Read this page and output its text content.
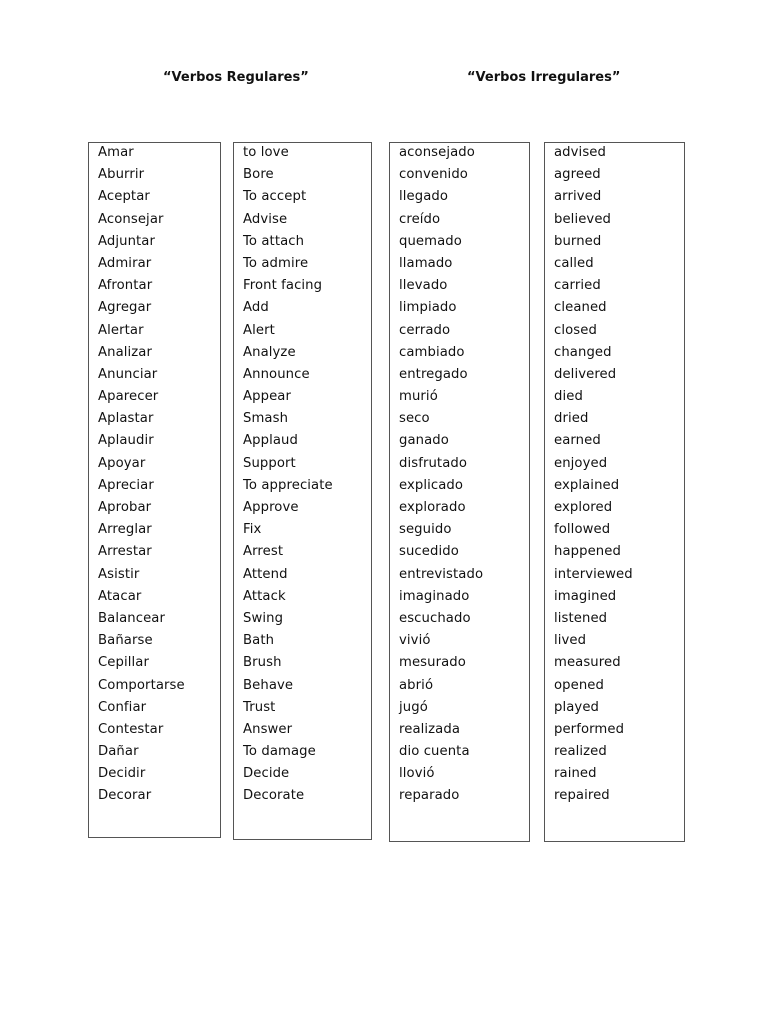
“Verbos Regulares”	“Verbos Irregulares”
Amar
Aburrir
Aceptar
Aconsejar
Adjuntar
Admirar
Afrontar
Agregar
Alertar
Analizar
Anunciar
Aparecer
Aplastar
Aplaudir
Apoyar
Apreciar
Aprobar
Arreglar
Arrestar
Asistir
Atacar
Balancear
Bañarse
Cepillar
Comportarse
Confiar
Contestar
Dañar
Decidir
Decorar
to love
Bore
To accept
Advise
To attach
To admire
Front facing
Add
Alert
Analyze
Announce
Appear
Smash
Applaud
Support
To appreciate
Approve
Fix
Arrest
Attend
Attack
Swing
Bath
Brush
Behave
Trust
Answer
To damage
Decide
Decorate
aconsejado
convenido
llegado
creído
quemado
llamado
llevado
limpiado
cerrado
cambiado
entregado
murió
seco
ganado
disfrutado
explicado
explorado
seguido
sucedido
entrevistado
imaginado
escuchado
vivió
mesurado
abrió
jugó
realizada
dio cuenta
llovió
reparado
advised
agreed
arrived
believed
burned
called
carried
cleaned
closed
changed
delivered
died
dried
earned
enjoyed
explained
explored
followed
happened
interviewed
imagined
listened
lived
measured
opened
played
performed
realized
rained
repaired
